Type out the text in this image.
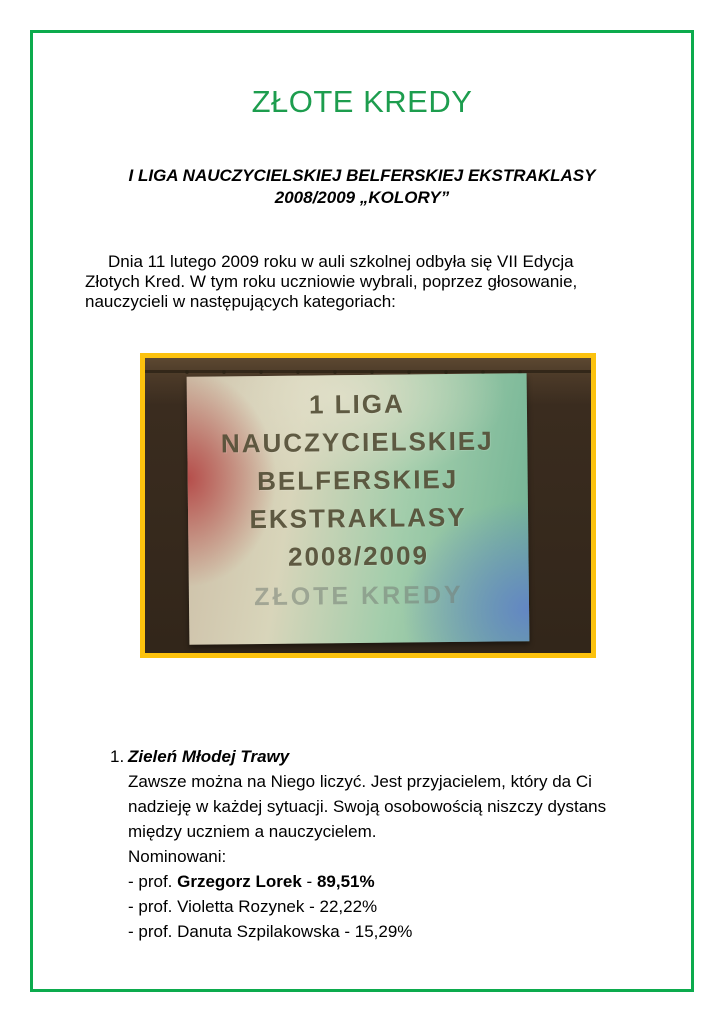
ZŁOTE KREDY
I LIGA NAUCZYCIELSKIEJ BELFERSKIEJ EKSTRAKLASY
2008/2009 „KOLORY”
Dnia 11 lutego 2009 roku w auli szkolnej odbyła się VII Edycja
Złotych Kred. W tym roku uczniowie wybrali, poprzez głosowanie,
nauczycieli w następujących kategoriach:
1 LIGA
NAUCZYCIELSKIEJ
BELFERSKIEJ
EKSTRAKLASY
2008/2009
ZŁOTE KREDY
1. Zieleń Młodej Trawy
Zawsze można na Niego liczyć. Jest przyjacielem, który da Ci
nadzieję w każdej sytuacji. Swoją osobowością niszczy dystans
między uczniem a nauczycielem.
Nominowani:
- prof. Grzegorz Lorek - 89,51%
- prof. Violetta Rozynek - 22,22%
- prof. Danuta Szpilakowska - 15,29%
